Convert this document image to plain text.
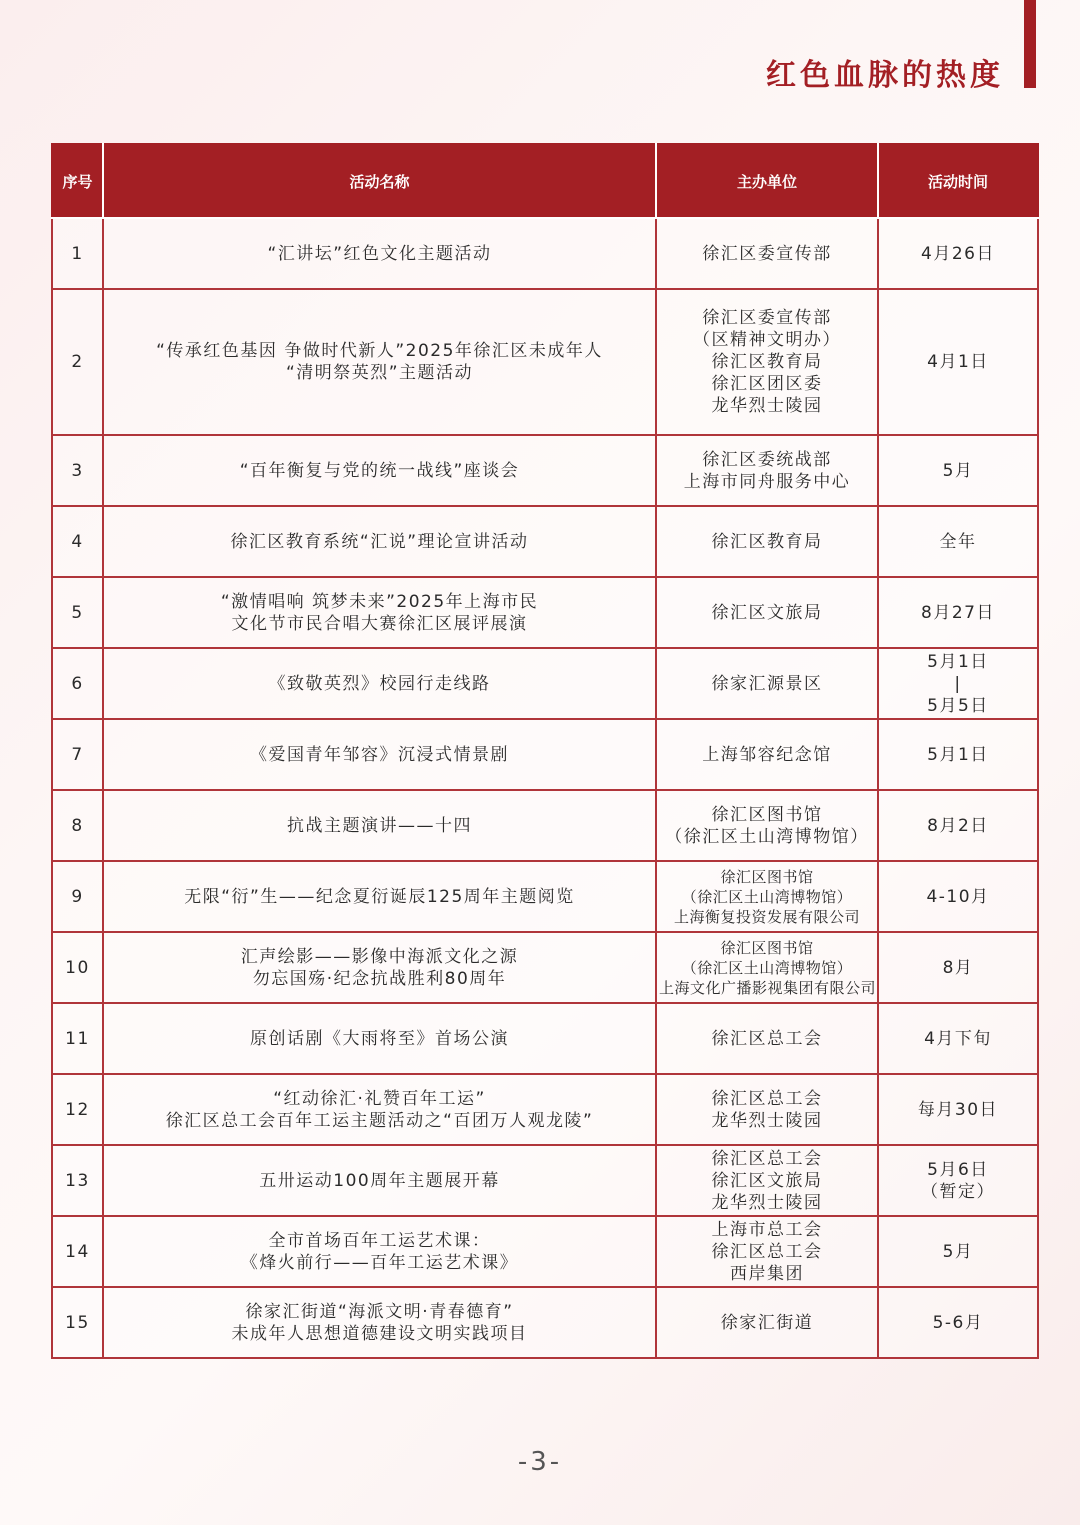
红色血脉的热度
序号	活动名称	主办单位	活动时间
1	“汇讲坛”红色文化主题活动	徐汇区委宣传部	4月26日

2	“传承红色基因 争做时代新人”2025年徐汇区未成年人
“清明祭英烈”主题活动	徐汇区委宣传部
（区精神文明办）
徐汇区教育局
徐汇区团区委
龙华烈士陵园	4月1日

3	“百年衡复与党的统一战线”座谈会	徐汇区委统战部
上海市同舟服务中心	5月

4	徐汇区教育系统“汇说”理论宣讲活动	徐汇区教育局	全年

5	“激情唱响 筑梦未来”2025年上海市民
文化节市民合唱大赛徐汇区展评展演	徐汇区文旅局	8月27日

6	《致敬英烈》校园行走线路	徐家汇源景区	5月1日
|
5月5日

7	《爱国青年邹容》沉浸式情景剧	上海邹容纪念馆	5月1日

8	抗战主题演讲——十四	徐汇区图书馆
（徐汇区土山湾博物馆）	8月2日

9	无限“衍”生——纪念夏衍诞辰125周年主题阅览	徐汇区图书馆
（徐汇区土山湾博物馆）
上海衡复投资发展有限公司	4-10月

10	汇声绘影——影像中海派文化之源
勿忘国殇·纪念抗战胜利80周年	徐汇区图书馆
（徐汇区土山湾博物馆）
上海文化广播影视集团有限公司	8月

11	原创话剧《大雨将至》首场公演	徐汇区总工会	4月下旬

12	“红动徐汇·礼赞百年工运”
徐汇区总工会百年工运主题活动之“百团万人观龙陵”	徐汇区总工会
龙华烈士陵园	每月30日

13	五卅运动100周年主题展开幕	徐汇区总工会
徐汇区文旅局
龙华烈士陵园	5月6日
（暂定）

14	全市首场百年工运艺术课：
《烽火前行——百年工运艺术课》	上海市总工会
徐汇区总工会
西岸集团	5月

15	徐家汇街道“海派文明·青春德育”
未成年人思想道德建设文明实践项目	徐家汇街道	5-6月
-3-
